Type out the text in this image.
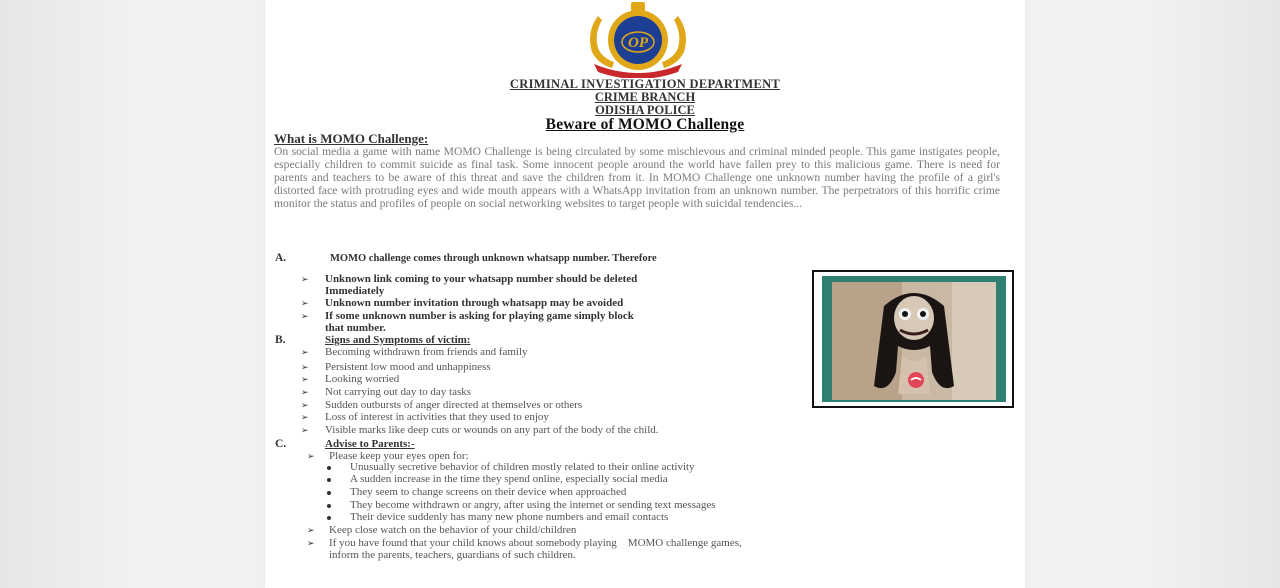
OP
CRIMINAL INVESTIGATION DEPARTMENT
CRIME BRANCH
ODISHA POLICE
Beware of MOMO Challenge
What is MOMO Challenge:
On social media a game with name MOMO Challenge is being circulated by some mischievous and criminal minded people. This game instigates people, especially children to commit suicide as final task. Some innocent people around the world have fallen prey to this malicious game. There is need for parents and teachers to be aware of this threat and save the children from it. In MOMO Challenge one unknown number having the profile of a girl's distorted face with protruding eyes and wide mouth appears with a WhatsApp invitation from an unknown number. The perpetrators of this horrific crime monitor the status and profiles of people on social networking websites to target people with suicidal tendencies...
A.	MOMO challenge comes through unknown whatsapp number. Therefore
➢ Unknown link coming to your whatsapp number should be deleted
Immediately
➢ Unknown number invitation through whatsapp may be avoided
➢ If some unknown number is asking for playing game simply block
that number.
B.	Signs and Symptoms of victim:
➢ Becoming withdrawn from friends and family
➢ Persistent low mood and unhappiness
➢ Looking worried
➢ Not carrying out day to day tasks
➢ Sudden outbursts of anger directed at themselves or others
➢ Loss of interest in activities that they used to enjoy
➢ Visible marks like deep cuts or wounds on any part of the body of the child.
C.	Advise to Parents:-
➢ Please keep your eyes open for:
Unusually secretive behavior of children mostly related to their online activity
A sudden increase in the time they spend online, especially social media
They seem to change screens on their device when approached
They become withdrawn or angry, after using the internet or sending text messages
Their device suddenly has many new phone numbers and email contacts
➢ Keep close watch on the behavior of your child/children
➢ If you have found that your child knows about somebody playing    MOMO challenge games,
inform the parents, teachers, guardians of such children.
